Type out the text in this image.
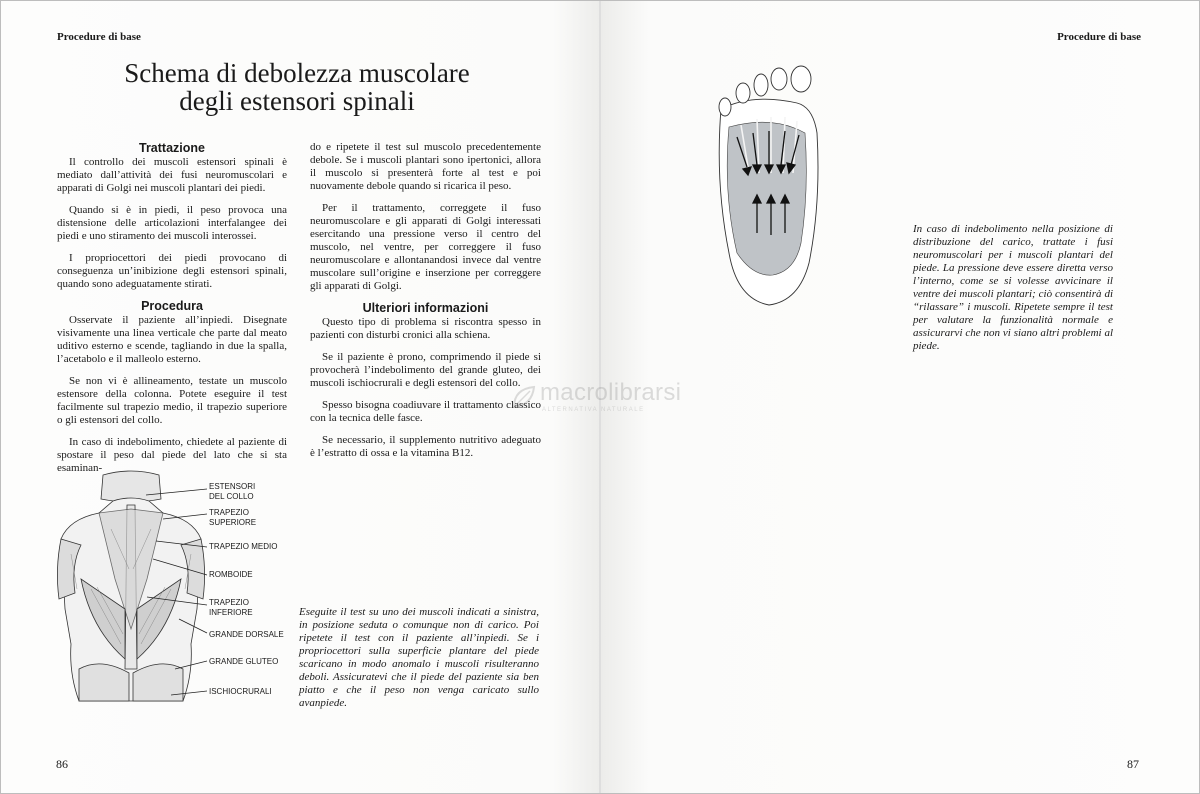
Procedure di base
Schema di debolezza muscolare
degli estensori spinali
Trattazione

Il controllo dei muscoli estensori spinali è mediato dall’attività dei fusi neuromuscolari e apparati di Golgi nei muscoli plantari dei piedi.

Quando si è in piedi, il peso provoca una distensione delle articolazioni interfalangee dei piedi e uno stiramento dei muscoli interossei.

I propriocettori dei piedi provocano di conseguenza un’inibizione degli estensori spinali, quando sono adeguatamente stirati.

Procedura

Osservate il paziente all’inpiedi. Disegnate visivamente una linea verticale che parte dal meato uditivo esterno e scende, tagliando in due la spalla, l’acetabolo e il malleolo esterno.

Se non vi è allineamento, testate un muscolo estensore della colonna. Potete eseguire il test facilmente sul trapezio medio, il trapezio superiore o gli estensori del collo.

In caso di indebolimento, chiedete al paziente di spostare il peso dal piede del lato che si sta esaminan-

do e ripetete il test sul muscolo precedentemente debole. Se i muscoli plantari sono ipertonici, allora il muscolo si presenterà forte al test e poi nuovamente debole quando si ricarica il peso.

Per il trattamento, correggete il fuso neuromuscolare e gli apparati di Golgi interessati esercitando una pressione verso il centro del muscolo, nel ventre, per correggere il fuso neuromuscolare e allontanandosi invece dal ventre muscolare sull’origine e inserzione per correggere gli apparati di Golgi.

Ulteriori informazioni

Questo tipo di problema si riscontra spesso in pazienti con disturbi cronici alla schiena.

Se il paziente è prono, comprimendo il piede si provocherà l’indebolimento del grande gluteo, dei muscoli ischiocrurali e degli estensori del collo.

Spesso bisogna coadiuvare il trattamento classico con la tecnica delle fasce.

Se necessario, il supplemento nutritivo adeguato è l’estratto di ossa e la vitamina B12.

ESTENSORI
DEL COLLO
TRAPEZIO
SUPERIORE
TRAPEZIO MEDIO
ROMBOIDE
TRAPEZIO
INFERIORE
GRANDE DORSALE
GRANDE GLUTEO
ISCHIOCRURALI
Eseguite il test su uno dei muscoli indicati a sinistra, in posizione seduta o comunque non di carico. Poi ripetete il test con il paziente all’inpiedi. Se i propriocettori sulla superficie plantare del piede scaricano in modo anomalo i muscoli risulteranno deboli. Assicuratevi che il piede del paziente sia ben piatto e che il peso non venga caricato sullo avanpiede.
86
Procedure di base
In caso di indebolimento nella posizione di distribuzione del carico, trattate i fusi neuromuscolari per i muscoli plantari del piede. La pressione deve essere diretta verso l’interno, come se si volesse avvicinare il ventre dei muscoli plantari; ciò consentirà di “rilassare” i muscoli. Ripetete sempre il test per valutare la funzionalità normale e assicurarvi che non vi siano altri problemi al piede.
87
macrolibrarsi
ALTERNATIVA NATURALE
